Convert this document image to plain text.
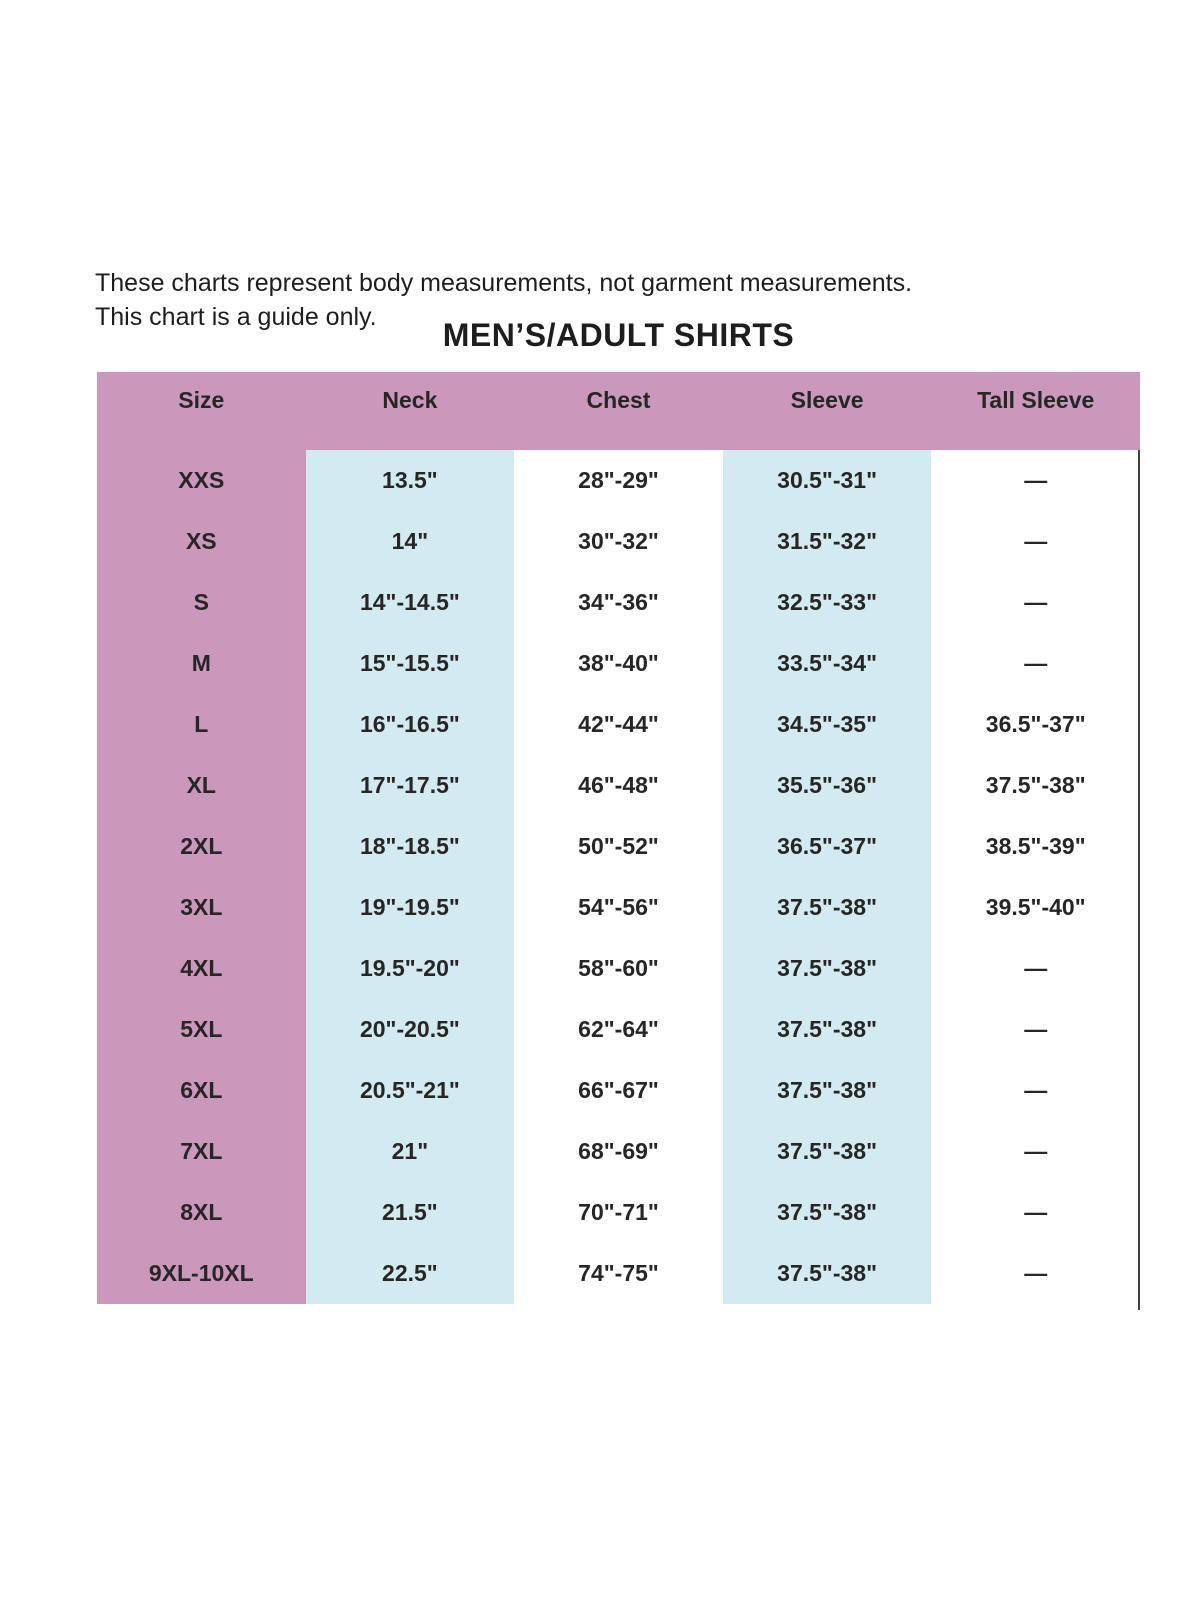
These charts represent body measurements, not garment measurements.
This chart is a guide only.	MEN’S/ADULT SHIRTS
Size	Neck	Chest	Sleeve	Tall Sleeve
XXS	13.5"	28"-29"	30.5"-31"	—
XS	14"	30"-32"	31.5"-32"	—
S	14"-14.5"	34"-36"	32.5"-33"	—
M	15"-15.5"	38"-40"	33.5"-34"	—
L	16"-16.5"	42"-44"	34.5"-35"	36.5"-37"
XL	17"-17.5"	46"-48"	35.5"-36"	37.5"-38"
2XL	18"-18.5"	50"-52"	36.5"-37"	38.5"-39"
3XL	19"-19.5"	54"-56"	37.5"-38"	39.5"-40"
4XL	19.5"-20"	58"-60"	37.5"-38"	—
5XL	20"-20.5"	62"-64"	37.5"-38"	—
6XL	20.5"-21"	66"-67"	37.5"-38"	—
7XL	21"	68"-69"	37.5"-38"	—
8XL	21.5"	70"-71"	37.5"-38"	—
9XL-10XL	22.5"	74"-75"	37.5"-38"	—
